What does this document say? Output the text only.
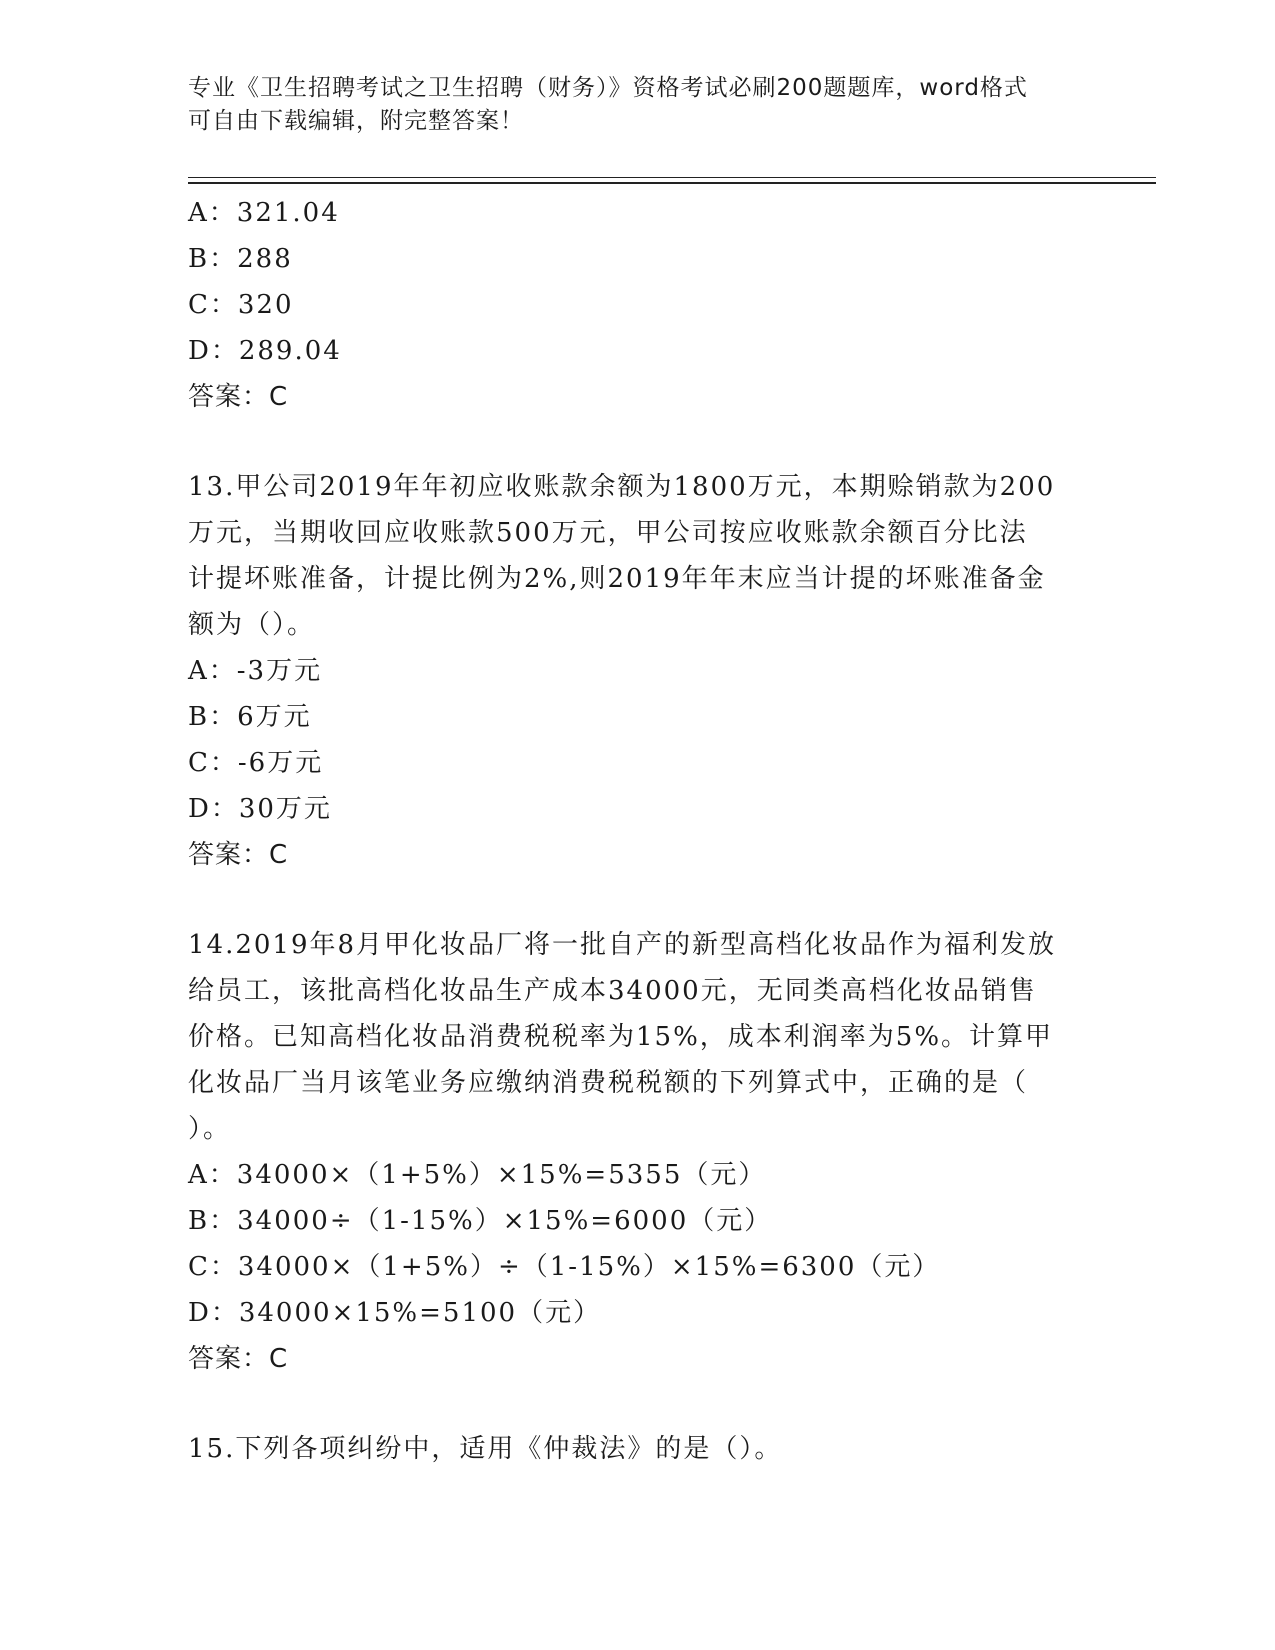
专业《卫生招聘考试之卫生招聘（财务）》资格考试必刷200题题库，word格式
可自由下载编辑，附完整答案！
A：321.04
B：288
C：320
D：289.04
答案：C
13.甲公司2019年年初应收账款余额为1800万元，本期赊销款为200
万元，当期收回应收账款500万元，甲公司按应收账款余额百分比法
计提坏账准备，计提比例为2%,则2019年年末应当计提的坏账准备金
额为（）。
A：-3万元
B：6万元
C：-6万元
D：30万元
答案：C
14.2019年8月甲化妆品厂将一批自产的新型高档化妆品作为福利发放
给员工，该批高档化妆品生产成本34000元，无同类高档化妆品销售
价格。已知高档化妆品消费税税率为15%，成本利润率为5%。计算甲
化妆品厂当月该笔业务应缴纳消费税税额的下列算式中，正确的是（
）。
A：34000×（1+5%）×15%=5355（元）
B：34000÷（1-15%）×15%=6000（元）
C：34000×（1+5%）÷（1-15%）×15%=6300（元）
D：34000×15%=5100（元）
答案：C
15.下列各项纠纷中，适用《仲裁法》的是（）。
